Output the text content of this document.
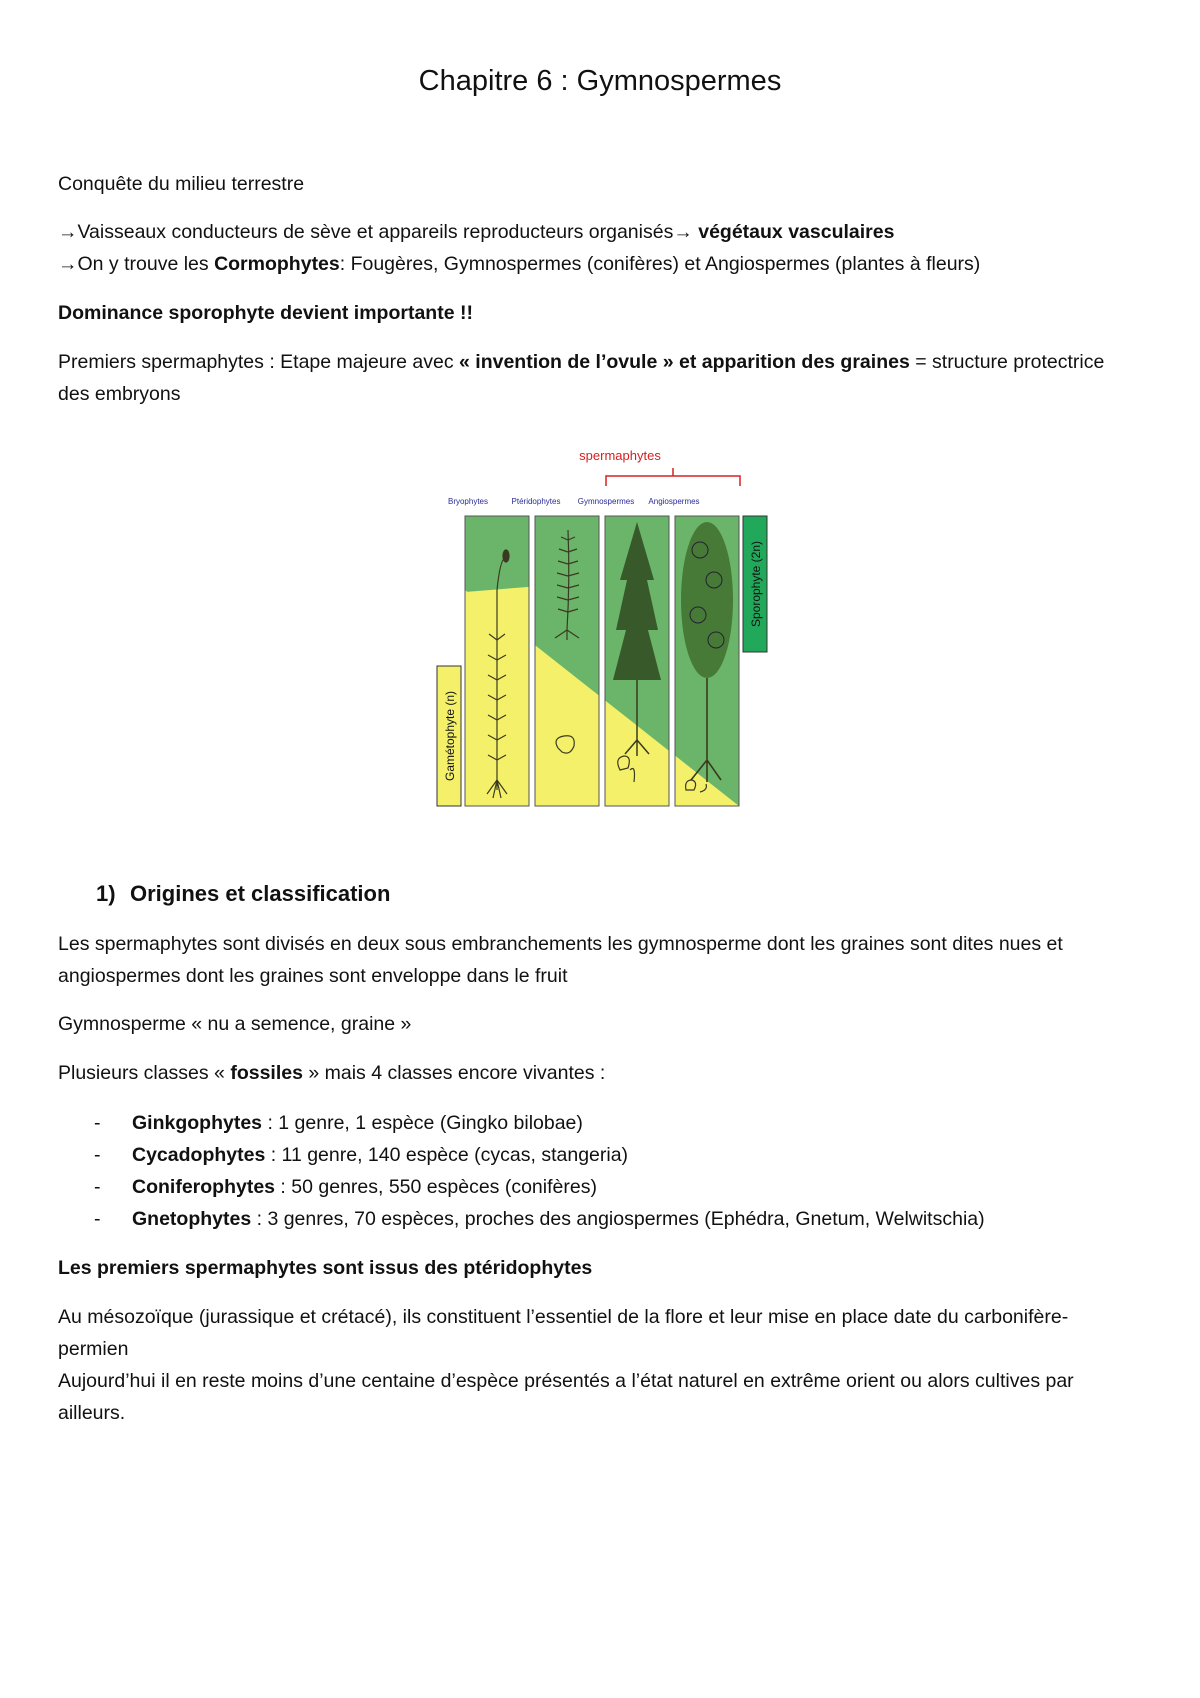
Chapitre 6 : Gymnospermes
Conquête du milieu terrestre
→Vaisseaux conducteurs de sève et appareils reproducteurs organisés→ végétaux vasculaires
→On y trouve les Cormophytes: Fougères, Gymnospermes (conifères) et Angiospermes (plantes à fleurs)
Dominance sporophyte devient importante !!
Premiers spermaphytes : Etape majeure avec « invention de l’ovule » et apparition des graines = structure protectrice des embryons
spermaphytes
Bryophytes	Ptéridophytes Gymnospermes Angiospermes
Gamétophyte (n)
Sporophyte (2n)
1) Origines et classification
Les spermaphytes sont divisés en deux sous embranchements les gymnosperme dont les graines sont dites nues et angiospermes dont les graines sont enveloppe dans le fruit
Gymnosperme « nu a semence, graine »
Plusieurs classes « fossiles » mais 4 classes encore vivantes :
- Ginkgophytes : 1 genre, 1 espèce (Gingko bilobae)
- Cycadophytes : 11 genre, 140 espèce (cycas, stangeria)
- Coniferophytes : 50 genres, 550 espèces (conifères)
- Gnetophytes : 3 genres, 70 espèces, proches des angiospermes (Ephédra, Gnetum, Welwitschia)
Les premiers spermaphytes sont issus des ptéridophytes
Au mésozoïque (jurassique et crétacé), ils constituent l’essentiel de la flore et leur mise en place date du carbonifère-permien
Aujourd’hui il en reste moins d’une centaine d’espèce présentés a l’état naturel en extrême orient ou alors cultives par ailleurs.
